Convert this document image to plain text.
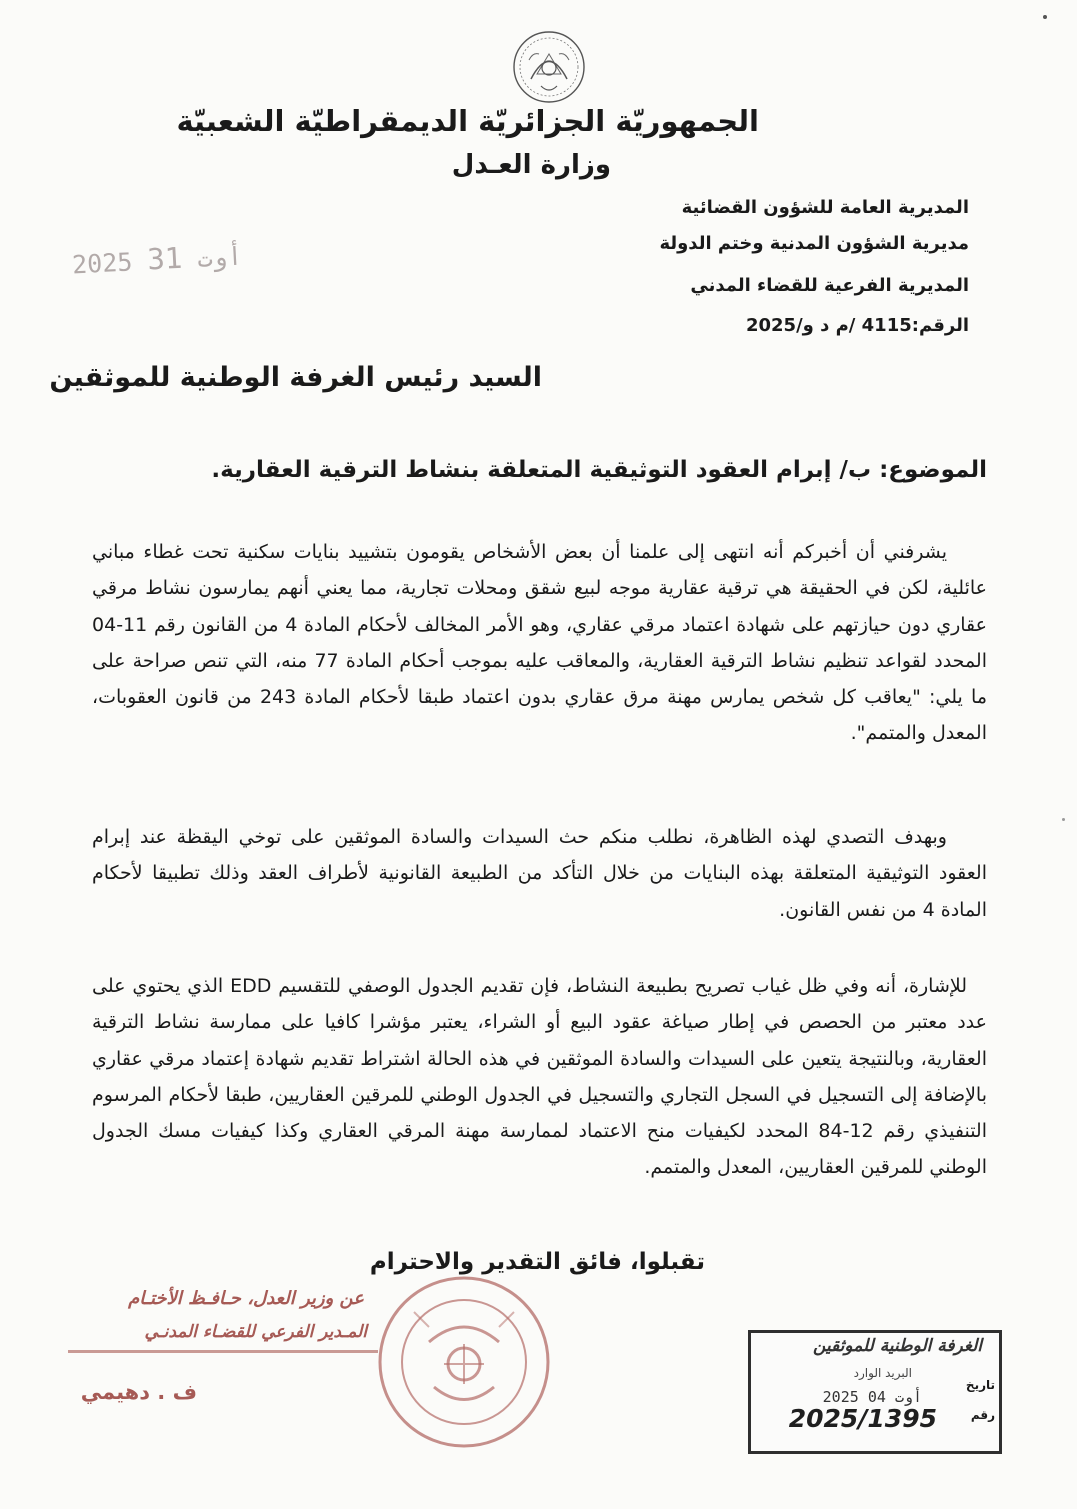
الجمهوريّة الجزائريّة الديمقراطيّة الشعبيّة
وزارة العـدل
المديرية العامة للشؤون القضائية
مديرية الشؤون المدنية وختم الدولة
المديرية الفرعية للقضاء المدني
الرقم:4115 /م د و/2025
2025	أوت 31
السيد رئيس الغرفة الوطنية للموثقين
الموضوع: ب/ إبرام العقود التوثيقية المتعلقة بنشاط الترقية العقارية.
يشرفني أن أخبركم أنه انتهى إلى علمنا أن بعض الأشخاص يقومون بتشييد بنايات سكنية تحت غطاء مباني عائلية، لكن في الحقيقة هي ترقية عقارية موجه لبيع شقق ومحلات تجارية، مما يعني أنهم يمارسون نشاط مرقي عقاري دون حيازتهم على شهادة اعتماد مرقي عقاري، وهو الأمر المخالف لأحكام المادة 4 من القانون رقم 11-04 المحدد لقواعد تنظيم نشاط الترقية العقارية، والمعاقب عليه بموجب أحكام المادة 77 منه، التي تنص صراحة على ما يلي: "يعاقب كل شخص يمارس مهنة مرق عقاري بدون اعتماد طبقا لأحكام المادة 243 من قانون العقوبات، المعدل والمتمم".
وبهدف التصدي لهذه الظاهرة، نطلب منكم حث السيدات والسادة الموثقين على توخي اليقظة عند إبرام العقود التوثيقية المتعلقة بهذه البنايات من خلال التأكد من الطبيعة القانونية لأطراف العقد وذلك تطبيقا لأحكام المادة 4 من نفس القانون.
للإشارة، أنه وفي ظل غياب تصريح بطبيعة النشاط، فإن تقديم الجدول الوصفي للتقسيم EDD الذي يحتوي على عدد معتبر من الحصص في إطار صياغة عقود البيع أو الشراء، يعتبر مؤشرا كافيا على ممارسة نشاط الترقية العقارية، وبالنتيجة يتعين على السيدات والسادة الموثقين في هذه الحالة اشتراط تقديم شهادة إعتماد مرقي عقاري بالإضافة إلى التسجيل في السجل التجاري والتسجيل في الجدول الوطني للمرقين العقاريين، طبقا لأحكام المرسوم التنفيذي رقم 12-84 المحدد لكيفيات منح الاعتماد لممارسة مهنة المرقي العقاري وكذا كيفيات مسك الجدول الوطني للمرقين العقاريين، المعدل والمتمم.
تقبلوا، فائق التقدير والاحترام
عن وزير العدل، حـافـظ الأختـام
المـدير الفرعي للقضـاء المدنـي
ف . دهيمي
الغرفة الوطنية للموثقين
البريد الوارد
تاريخ
رقم
2025 أوت 04
2025/1395
